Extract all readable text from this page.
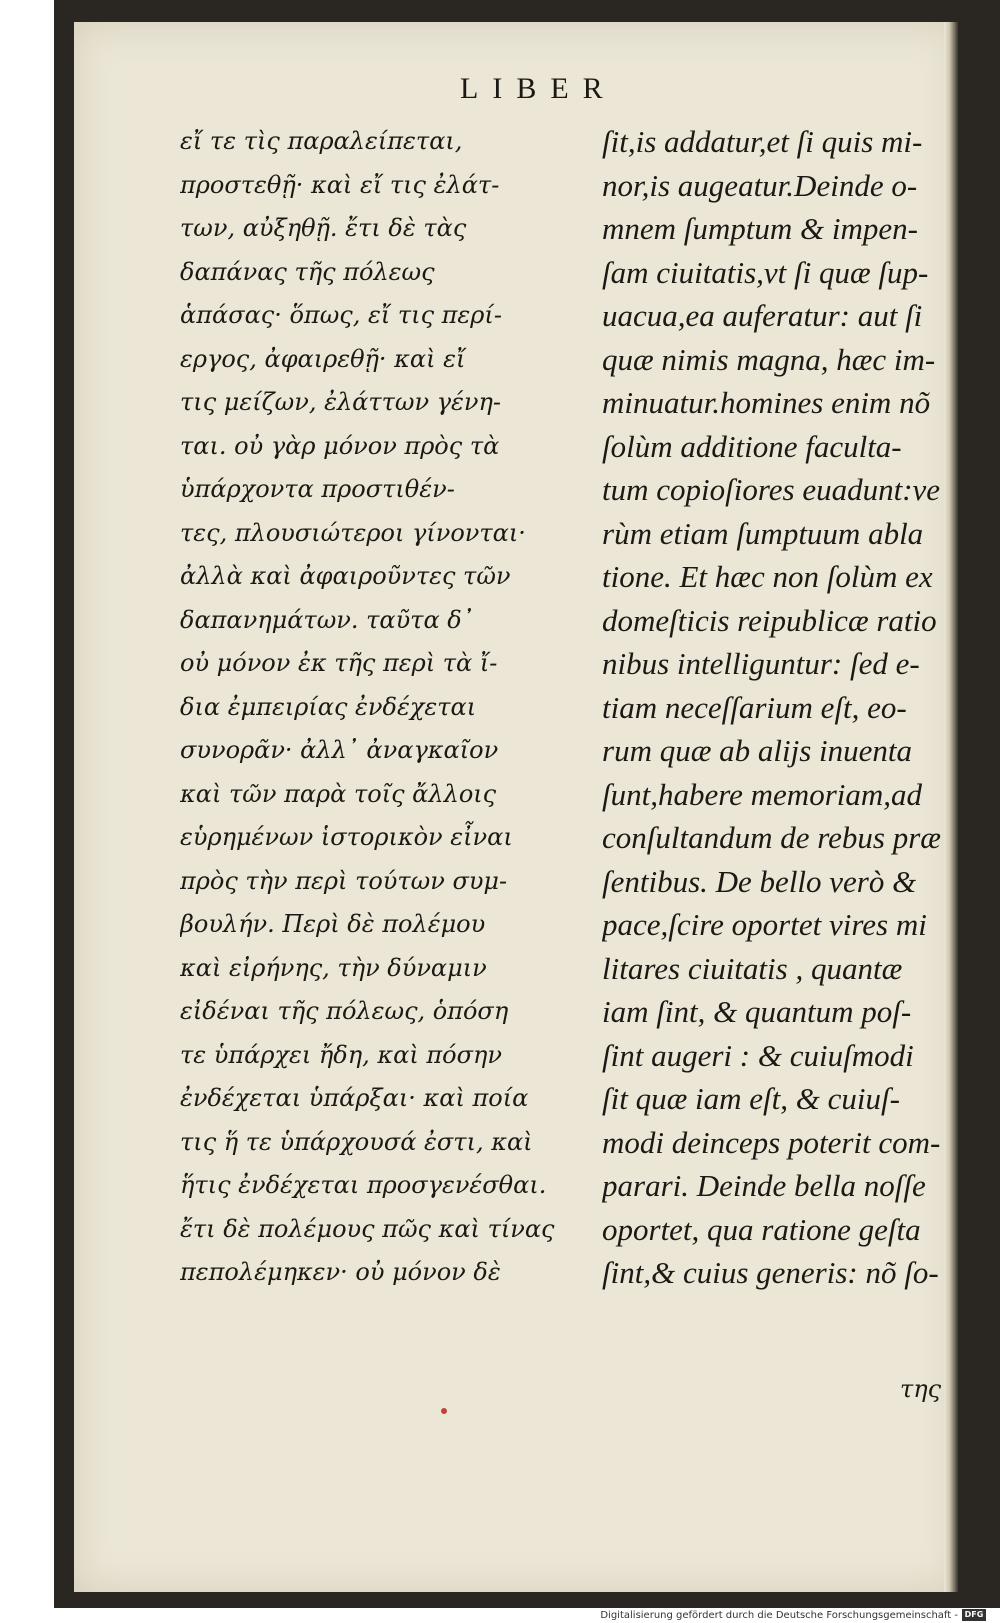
LIBER
εἴ τε τὶς παραλείπεται,
προστεθῇ· καὶ εἴ τις ἐλάτ-
των, αὐξηθῇ. ἔτι δὲ τὰς
δαπάνας τῆς πόλεως
ἁπάσας· ὅπως, εἴ τις περί-
εργος, ἀφαιρεθῇ· καὶ εἴ
τις μείζων, ἐλάττων γένη-
ται. οὐ γὰρ μόνον πρὸς τὰ
ὑπάρχοντα προστιθέν-
τες, πλουσιώτεροι γίνονται·
ἀλλὰ καὶ ἀφαιροῦντες τῶν
δαπανημάτων. ταῦτα δ᾽
οὐ μόνον ἐκ τῆς περὶ τὰ ἴ-
δια ἐμπειρίας ἐνδέχεται
συνορᾶν· ἀλλ᾽ ἀναγκαῖον
καὶ τῶν παρὰ τοῖς ἄλλοις
εὑρημένων ἱστορικὸν εἶναι
πρὸς τὴν περὶ τούτων συμ-
βουλήν. Περὶ δὲ πολέμου
καὶ εἰρήνης, τὴν δύναμιν
εἰδέναι τῆς πόλεως, ὁπόση
τε ὑπάρχει ἤδη, καὶ πόσην
ἐνδέχεται ὑπάρξαι· καὶ ποία
τις ἥ τε ὑπάρχουσά ἐστι, καὶ
ἥτις ἐνδέχεται προσγενέσθαι.
ἔτι δὲ πολέμους πῶς καὶ τίνας
πεπολέμηκεν· οὐ μόνον δὲ
ſit,is addatur,et ſi quis mi-
nor,is augeatur.Deinde o-
mnem ſumptum & impen-
ſam ciuitatis,vt ſi quæ ſup-
uacua,ea auferatur: aut ſi
quæ nimis magna, hæc im-
minuatur.homines enim nõ
ſolùm additione faculta-
tum copioſiores euadunt:ve
rùm etiam ſumptuum abla
tione. Et hæc non ſolùm ex
domeſticis reipublicæ ratio
nibus intelliguntur: ſed e-
tiam neceſſarium eſt, eo-
rum quæ ab alijs inuenta
ſunt,habere memoriam,ad
conſultandum de rebus præ
ſentibus. De bello verò &
pace,ſcire oportet vires mi
litares ciuitatis , quantæ
iam ſint, & quantum poſ-
ſint augeri : & cuiuſmodi
ſit quæ iam eſt, & cuiuſ-
modi deinceps poterit com-
parari. Deinde bella noſſe
oportet, qua ratione geſta
ſint,& cuius generis: nõ ſo-
της
Digitalisierung gefördert durch die Deutsche Forschungsgemeinschaft - DFG
